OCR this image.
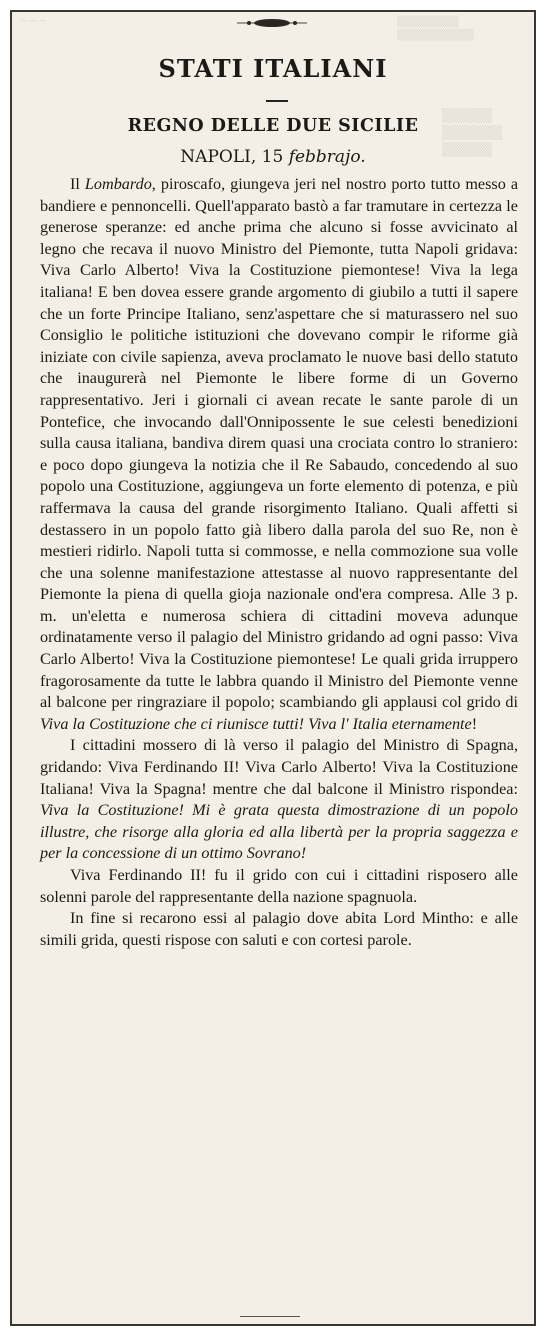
~~~	▒▒▒▒▒▒▒▒
▒▒▒▒▒▒▒▒▒▒
▒▒▒▒▒
▒▒▒▒▒▒
▒▒▒▒▒
STATI ITALIANI
REGNO DELLE DUE SICILIE
NAPOLI, 15 febbrajo.

Il Lombardo, piroscafo, giungeva jeri nel nostro porto tutto messo a bandiere e pennoncelli. Quell'apparato bastò a far tramutare in certezza le generose speranze: ed anche prima che alcuno si fosse avvicinato al legno che recava il nuovo Ministro del Piemonte, tutta Napoli gridava: Viva Carlo Alberto! Viva la Costituzione piemontese! Viva la lega italiana! E ben dovea essere grande argomento di giubilo a tutti il sapere che un forte Principe Italiano, senz'aspettare che si maturassero nel suo Consiglio le politiche istituzioni che dovevano compir le riforme già iniziate con civile sapienza, aveva proclamato le nuove basi dello statuto che inaugurerà nel Piemonte le libere forme di un Governo rappresentativo. Jeri i giornali ci avean recate le sante parole di un Pontefice, che invocando dall'Onnipossente le sue celesti benedizioni sulla causa italiana, bandiva direm quasi una crociata contro lo straniero: e poco dopo giungeva la notizia che il Re Sabaudo, concedendo al suo popolo una Costituzione, aggiungeva un forte elemento di potenza, e più raffermava la causa del grande risorgimento Italiano. Quali affetti si destassero in un popolo fatto già libero dalla parola del suo Re, non è mestieri ridirlo. Napoli tutta si commosse, e nella commozione sua volle che una solenne manifestazione attestasse al nuovo rappresentante del Piemonte la piena di quella gioja nazionale ond'era compresa. Alle 3 p. m. un'eletta e numerosa schiera di cittadini moveva adunque ordinatamente verso il palagio del Ministro gridando ad ogni passo: Viva Carlo Alberto! Viva la Costituzione piemontese! Le quali grida irruppero fragorosamente da tutte le labbra quando il Ministro del Piemonte venne al balcone per ringraziare il popolo; scambiando gli applausi col grido di Viva la Costituzione che ci riunisce tutti! Viva l' Italia eternamente!

I cittadini mossero di là verso il palagio del Ministro di Spagna, gridando: Viva Ferdinando II! Viva Carlo Alberto! Viva la Costituzione Italiana! Viva la Spagna! mentre che dal balcone il Ministro rispondea: Viva la Costituzione! Mi è grata questa dimostrazione di un popolo illustre, che risorge alla gloria ed alla libertà per la propria saggezza e per la concessione di un ottimo Sovrano!

Viva Ferdinando II! fu il grido con cui i cittadini risposero alle solenni parole del rappresentante della nazione spagnuola.

In fine si recarono essi al palagio dove abita Lord Mintho: e alle simili grida, questi rispose con saluti e con cortesi parole.
